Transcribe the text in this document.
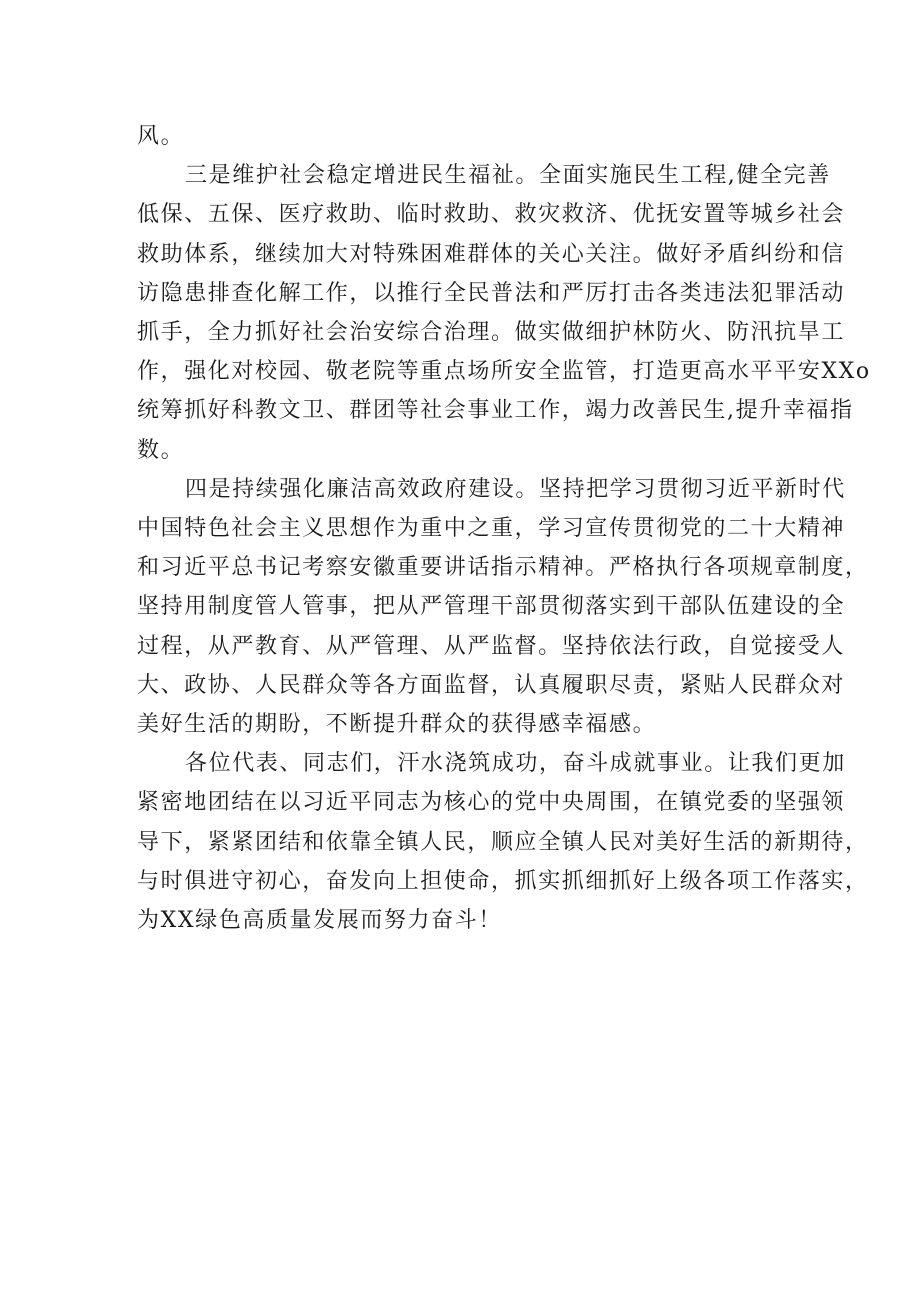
风。

三是维护社会稳定增进民生福祉。全面实施民生工程,健全完善
低保、五保、医疗救助、临时救助、救灾救济、优抚安置等城乡社会
救助体系，继续加大对特殊困难群体的关心关注。做好矛盾纠纷和信
访隐患排查化解工作，以推行全民普法和严厉打击各类违法犯罪活动
抓手，全力抓好社会治安综合治理。做实做细护林防火、防汛抗旱工
作，强化对校园、敬老院等重点场所安全监管，打造更高水平平安XXo
统筹抓好科教文卫、群团等社会事业工作，竭力改善民生,提升幸福指
数。

四是持续强化廉洁高效政府建设。坚持把学习贯彻习近平新时代
中国特色社会主义思想作为重中之重，学习宣传贯彻党的二十大精神
和习近平总书记考察安徽重要讲话指示精神。严格执行各项规章制度，
坚持用制度管人管事，把从严管理干部贯彻落实到干部队伍建设的全
过程，从严教育、从严管理、从严监督。坚持依法行政，自觉接受人
大、政协、人民群众等各方面监督，认真履职尽责，紧贴人民群众对
美好生活的期盼，不断提升群众的获得感幸福感。

各位代表、同志们，汗水浇筑成功，奋斗成就事业。让我们更加
紧密地团结在以习近平同志为核心的党中央周围，在镇党委的坚强领
导下，紧紧团结和依靠全镇人民，顺应全镇人民对美好生活的新期待，
与时俱进守初心，奋发向上担使命，抓实抓细抓好上级各项工作落实，
为XX绿色高质量发展而努力奋斗！
